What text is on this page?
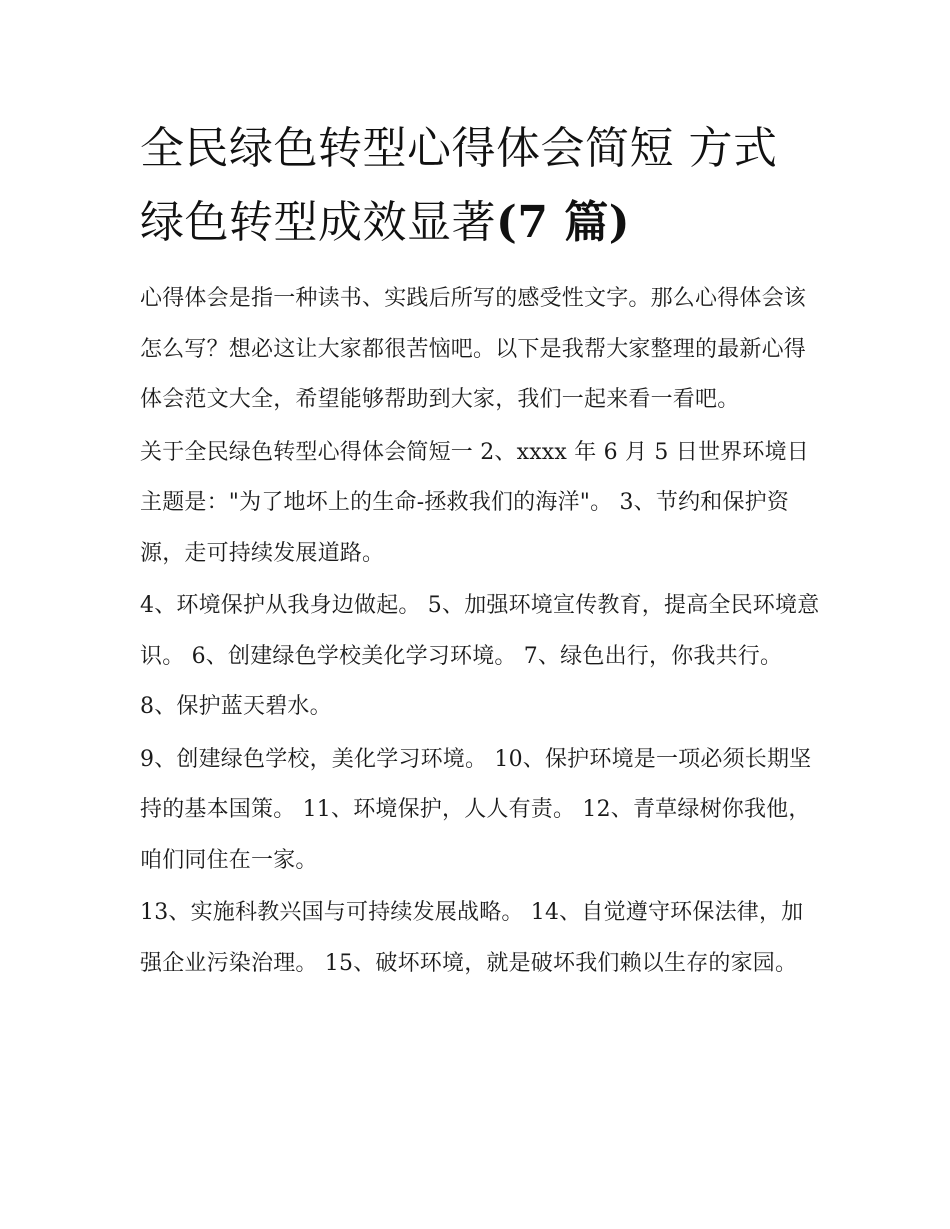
全民绿色转型心得体会简短 方式绿色转型成效显著(7 篇)

心得体会是指一种读书、实践后所写的感受性文字。那么心得体会该怎么写？想必这让大家都很苦恼吧。以下是我帮大家整理的最新心得体会范文大全，希望能够帮助到大家，我们一起来看一看吧。

关于全民绿色转型心得体会简短一 2、xxxx 年 6 月 5 日世界环境日主题是："为了地坏上的生命-拯救我们的海洋"。 3、节约和保护资源，走可持续发展道路。

4、环境保护从我身边做起。 5、加强环境宣传教育，提高全民环境意识。 6、创建绿色学校美化学习环境。 7、绿色出行，你我共行。 8、保护蓝天碧水。

9、创建绿色学校，美化学习环境。 10、保护环境是一项必须长期坚持的基本国策。 11、环境保护，人人有责。 12、青草绿树你我他，咱们同住在一家。

13、实施科教兴国与可持续发展战略。 14、自觉遵守环保法律，加强企业污染治理。 15、破坏环境，就是破坏我们赖以生存的家园。
